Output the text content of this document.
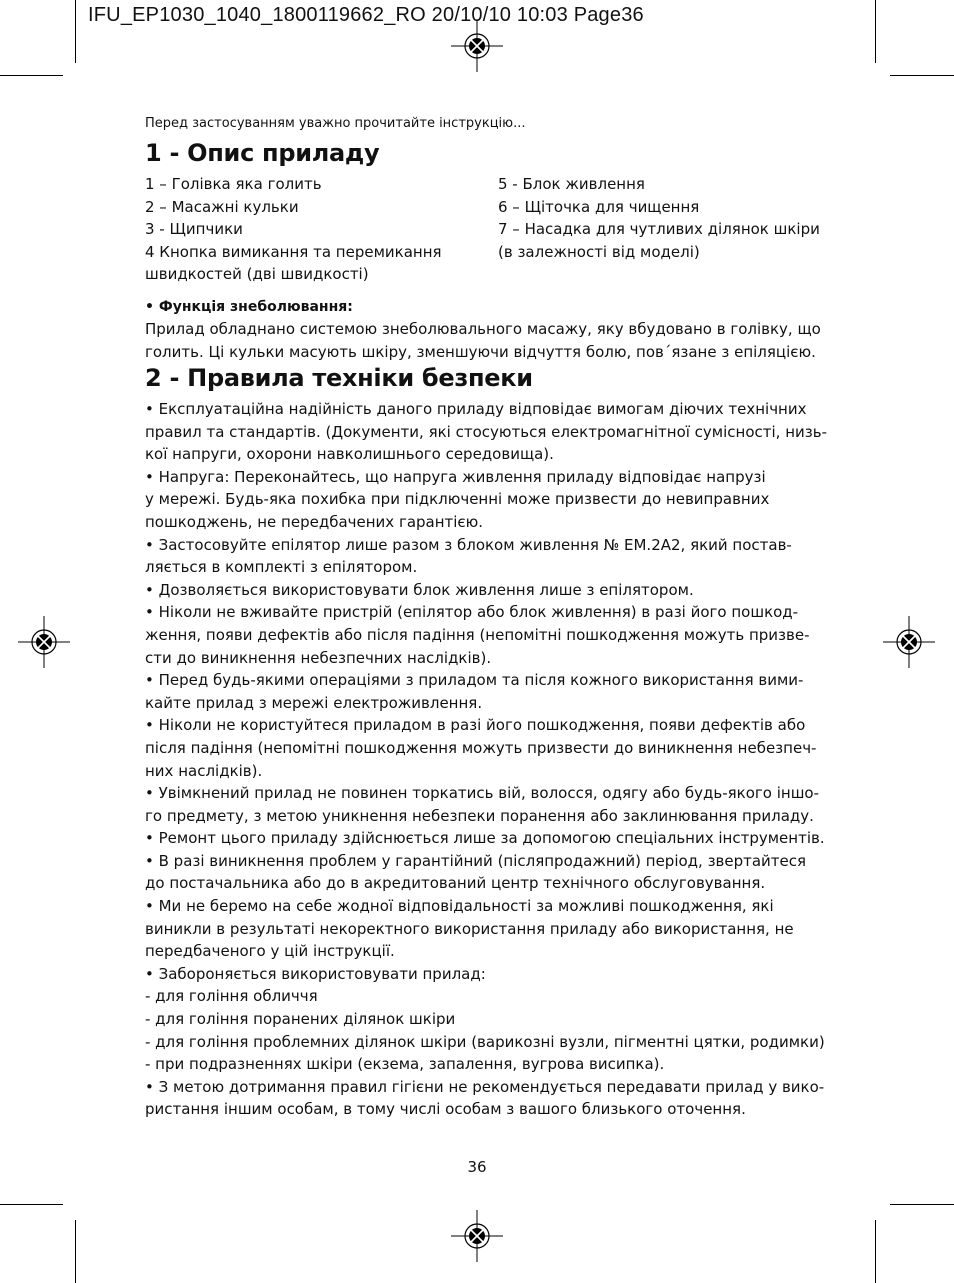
IFU_EP1030_1040_1800119662_RO 20/10/10 10:03 Page36
Перед застосуванням уважно прочитайте інструкцію...
1 - Опис приладу
1 – Голівка яка голить
2 – Масажні кульки
3 - Щипчики
4 Кнопка вимикання та перемикання
швидкостей (дві швидкості)
5 - Блок живлення
6 – Щіточка для чищення
7 – Насадка для чутливих ділянок шкіри
(в залежності від моделі)
• Функція знеболювання:
Прилад обладнано системою знеболювального масажу, яку вбудовано в голівку, що
голить. Ці кульки масують шкіру, зменшуючи відчуття болю, пов´язане з епіляцією.
2 - Правила техніки безпеки
• Експлуатаційна надійність даного приладу відповідає вимогам діючих технічних
правил та стандартів. (Документи, які стосуються електромагнітної сумісності, низь-
кої напруги, охорони навколишнього середовища).
• Напруга: Переконайтесь, що напруга живлення приладу відповідає напрузі
у мережі. Будь-яка похибка при підключенні може призвести до невиправних
пошкоджень, не передбачених гарантією.
• Застосовуйте епілятор лише разом з блоком живлення № EM.2A2, який постав-
ляється в комплекті з епілятором.
• Дозволяється використовувати блок живлення лише з епілятором.
• Ніколи не вживайте пристрій (епілятор або блок живлення) в разі його пошкод-
ження, появи дефектів або після падіння (непомітні пошкодження можуть призве-
сти до виникнення небезпечних наслідків).
• Перед будь-якими операціями з приладом та після кожного використання вими-
кайте прилад з мережі електроживлення.
• Ніколи не користуйтеся приладом в разі його пошкодження, появи дефектів або
після падіння (непомітні пошкодження можуть призвести до виникнення небезпеч-
них наслідків).
• Увімкнений прилад не повинен торкатись вій, волосся, одягу або будь-якого іншо-
го предмету, з метою уникнення небезпеки поранення або заклинювання приладу.
• Ремонт цього приладу здійснюється лише за допомогою спеціальних інструментів.
• В разі виникнення проблем у гарантійний (післяпродажний) період, звертайтеся
до постачальника або до в акредитований центр технічного обслуговування.
• Ми не беремо на себе жодної відповідальності за можливі пошкодження, які
виникли в результаті некоректного використання приладу або використання, не
передбаченого у цій інструкції.
• Забороняється використовувати прилад:
- для гоління обличчя
- для гоління поранених ділянок шкіри
- для гоління проблемних ділянок шкіри (варикозні вузли, пігментні цятки, родимки)
- при подразненнях шкіри (екзема, запалення, вугрова висипка).
• З метою дотримання правил гігієни не рекомендується передавати прилад у вико-
ристання іншим особам, в тому числі особам з вашого близького оточення.
36
